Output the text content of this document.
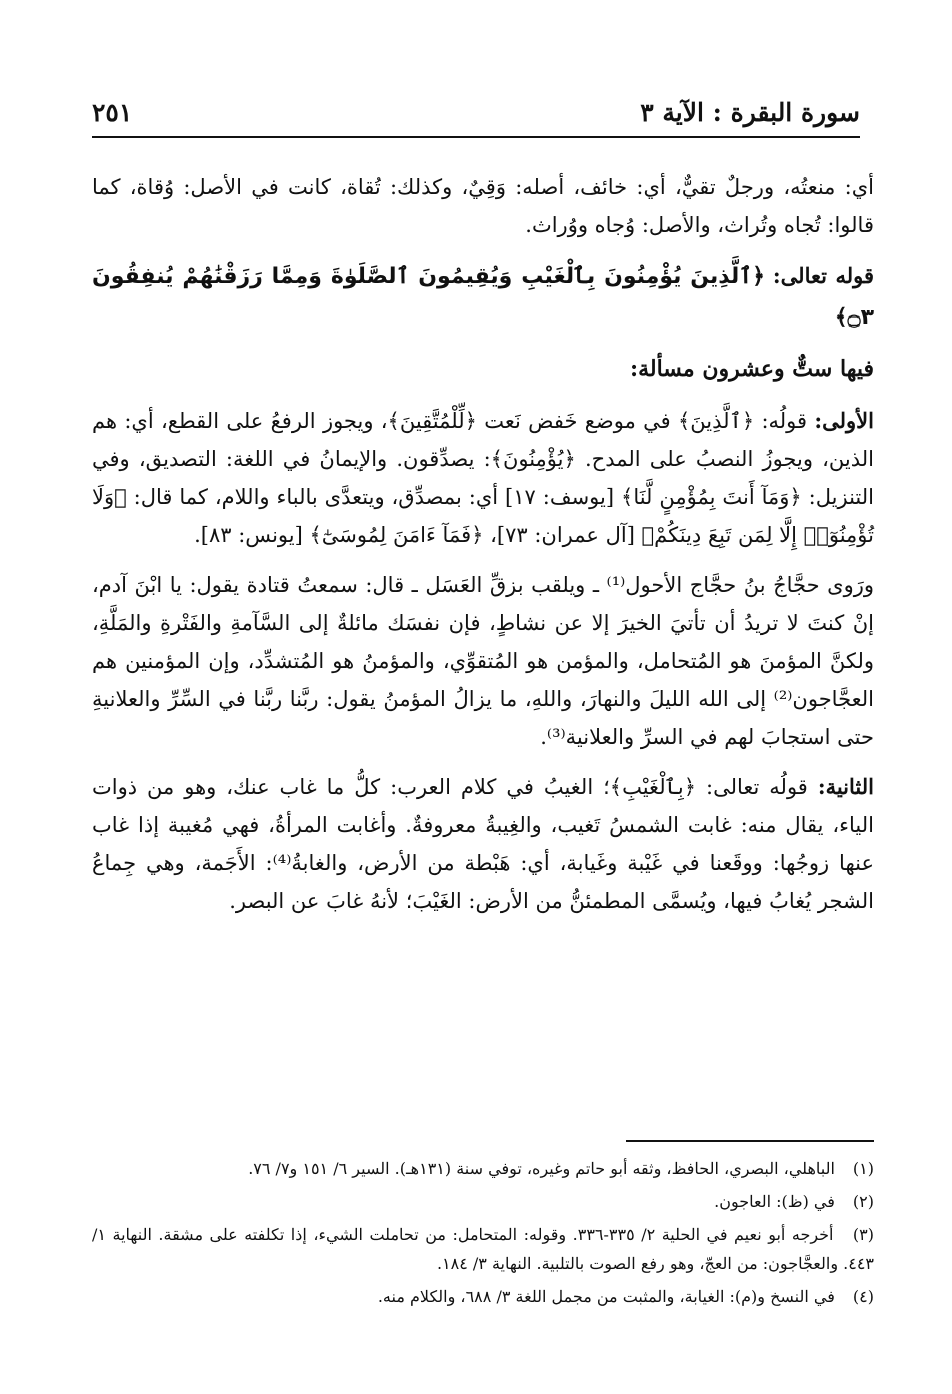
سورة البقرة : الآية ٣
٢٥١

أي: منعتُه، ورجلٌ تقيٌّ، أي: خائف، أصله: وَقِيٌ، وكذلك: تُقاة، كانت في الأصل: وُقاة، كما قالوا: تُجاه وتُراث، والأصل: وُجاه ووُراث.

قوله تعالى: ﴿ٱلَّذِينَ يُؤْمِنُونَ بِٱلْغَيْبِ وَيُقِيمُونَ ٱلصَّلَوٰةَ وَمِمَّا رَزَقْنَٰهُمْ يُنفِقُونَ ۝٣﴾

فيها ستٌّ وعشرون مسألة:

الأولى: قولُه: ﴿ٱلَّذِينَ﴾ في موضع خَفض نَعت ﴿لِّلْمُتَّقِينَ﴾، ويجوز الرفعُ على القطع، أي: هم الذين، ويجوزُ النصبُ على المدح. ﴿يُؤْمِنُونَ﴾: يصدِّقون. والإيمانُ في اللغة: التصديق، وفي التنزيل: ﴿وَمَآ أَنتَ بِمُؤْمِنٍ لَّنَا﴾ [يوسف: ١٧] أي: بمصدِّق، ويتعدَّى بالباء واللام، كما قال: ﴿وَلَا تُؤْمِنُوٓا۟ إِلَّا لِمَن تَبِعَ دِينَكُمْ﴾ [آل عمران: ٧٣]، ﴿فَمَآ ءَامَنَ لِمُوسَىٰٓ﴾ [يونس: ٨٣].

ورَوى حجَّاجُ بنُ حجَّاج الأحول⁽¹⁾ ـ ويلقب بزقِّ العَسَل ـ قال: سمعتُ قتادة يقول: يا ابْنَ آدم، إنْ كنتَ لا تريدُ أن تأتيَ الخيرَ إلا عن نشاطٍ، فإن نفسَك مائلةٌ إلى السَّآمةِ والفَتْرةِ والمَلَّةِ، ولكنَّ المؤمنَ هو المُتحامل، والمؤمن هو المُتقوِّي، والمؤمنُ هو المُتشدِّد، وإن المؤمنين هم العجَّاجون⁽²⁾ إلى الله الليلَ والنهارَ، واللهِ، ما يزالُ المؤمنُ يقول: ربَّنا ربَّنا في السِّرِّ والعلانيةِ حتى استجابَ لهم في السرِّ والعلانية⁽³⁾.

الثانية: قولُه تعالى: ﴿بِٱلْغَيْبِ﴾؛ الغيبُ في كلام العرب: كلُّ ما غاب عنك، وهو من ذوات الياء، يقال منه: غابت الشمسُ تَغيب، والغِيبةُ معروفةٌ. وأغابت المرأةُ، فهي مُغيبة إذا غاب عنها زوجُها: ووقَعنا في غَيْبة وغَيابة، أي: هَبْطة من الأرض، والغابةُ⁽⁴⁾: الأَجَمة، وهي جِماعُ الشجر يُغابُ فيها، ويُسمَّى المطمئنُّ من الأرض: الغَيْبَ؛ لأنهُ غابَ عن البصر.

(١) الباهلي، البصري، الحافظ، وثقه أبو حاتم وغيره، توفي سنة (١٣١هـ). السير ٦/ ١٥١ و٧/ ٧٦.

(٢) في (ظ): العاجون.

(٣) أخرجه أبو نعيم في الحلية ٢/ ٣٣٥-٣٣٦. وقوله: المتحامل: من تحاملت الشيء، إذا تكلفته على مشقة. النهاية ١/ ٤٤٣. والعجَّاجون: من العجّ، وهو رفع الصوت بالتلبية. النهاية ٣/ ١٨٤.

(٤) في النسخ و(م): الغيابة، والمثبت من مجمل اللغة ٣/ ٦٨٨، والكلام منه.
